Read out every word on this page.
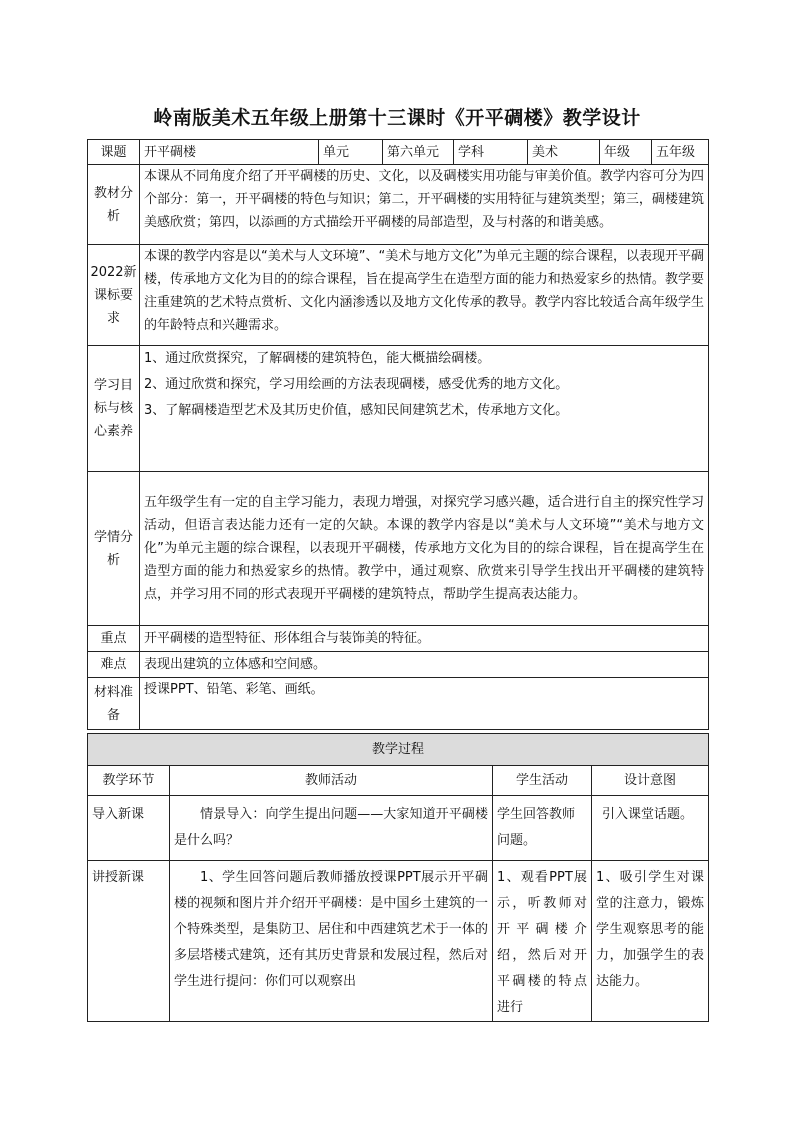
岭南版美术五年级上册第十三课时《开平碉楼》教学设计
课题	开平碉楼	单元	第六单元	学科	美术	年级	五年级
教材分析	本课从不同角度介绍了开平碉楼的历史、文化，以及碉楼实用功能与审美价值。教学内容可分为四个部分：第一，开平碉楼的特色与知识；第二，开平碉楼的实用特征与建筑类型；第三，碉楼建筑美感欣赏；第四，以添画的方式描绘开平碉楼的局部造型，及与村落的和谐美感。						
2022新课标要求	本课的教学内容是以“美术与人文环境”、“美术与地方文化”为单元主题的综合课程，以表现开平碉楼，传承地方文化为目的的综合课程，旨在提高学生在造型方面的能力和热爱家乡的热情。教学要注重建筑的艺术特点赏析、文化内涵渗透以及地方文化传承的教导。教学内容比较适合高年级学生的年龄特点和兴趣需求。						
学习目标与核心素养	1、通过欣赏探究，了解碉楼的建筑特色，能大概描绘碉楼。
2、通过欣赏和探究，学习用绘画的方法表现碉楼，感受优秀的地方文化。
3、了解碉楼造型艺术及其历史价值，感知民间建筑艺术，传承地方文化。						

学情分析	五年级学生有一定的自主学习能力，表现力增强，对探究学习感兴趣，适合进行自主的探究性学习活动，但语言表达能力还有一定的欠缺。本课的教学内容是以“美术与人文环境”“美术与地方文化”为单元主题的综合课程，以表现开平碉楼，传承地方文化为目的的综合课程，旨在提高学生在造型方面的能力和热爱家乡的热情。教学中，通过观察、欣赏来引导学生找出开平碉楼的建筑特点，并学习用不同的形式表现开平碉楼的建筑特点，帮助学生提高表达能力。						
重点	开平碉楼的造型特征、形体组合与装饰美的特征。						
难点	表现出建筑的立体感和空间感。						
材料准备	授课PPT、铅笔、彩笔、画纸。						
教学过程			
教学环节	教师活动	学生活动	设计意图
导入新课	情景导入：向学生提出问题——大家知道开平碉楼是什么吗？	学生回答教师问题。	引入课堂话题。
讲授新课	1、学生回答问题后教师播放授课PPT展示开平碉楼的视频和图片并介绍开平碉楼：是中国乡土建筑的一个特殊类型，是集防卫、居住和中西建筑艺术于一体的多层塔楼式建筑，还有其历史背景和发展过程，然后对学生进行提问：你们可以观察出	1、观看PPT展示，听教师对开平碉楼介绍，然后对开平碉楼的特点进行	1、吸引学生对课堂的注意力，锻炼学生观察思考的能力，加强学生的表达能力。
